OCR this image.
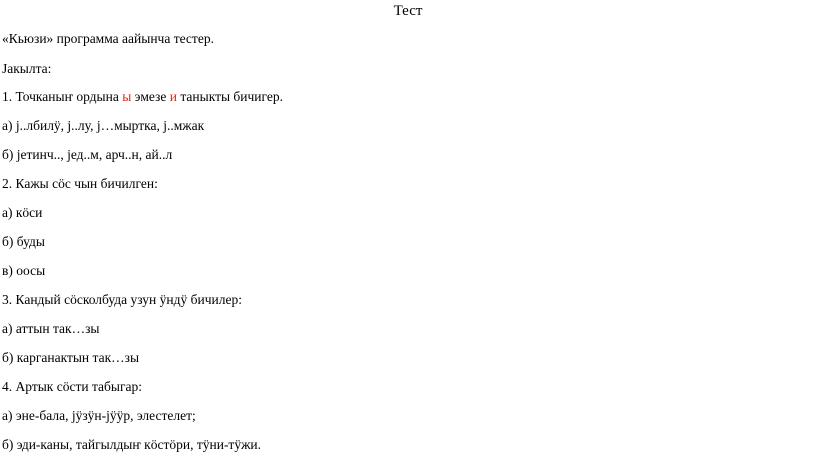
Тест
«Кьюзи» программа аайынча тестер.
Јакылта:
1. Точканыҥ ордына ы эмезе и таныкты бичигер.
а) ј..лбилӱ, ј..лу, ј…мыртка, ј..мжак
б) јетинч.., јед..м, арч..н, ай..л
2. Кажы сӧс чын бичилген:
а) кӧси
б) буды
в) оосы
3. Кандый сӧсколбуда узун ӱндӱ бичилер:
а) аттын так…зы
б) карганактын так…зы
4. Артык сӧсти табыгар:
а) эне-бала, јӱзӱн-јӱӱр, элестелет;
б) эди-каны, тайгылдыҥ кӧстӧри, тӱни-тӱжи.
